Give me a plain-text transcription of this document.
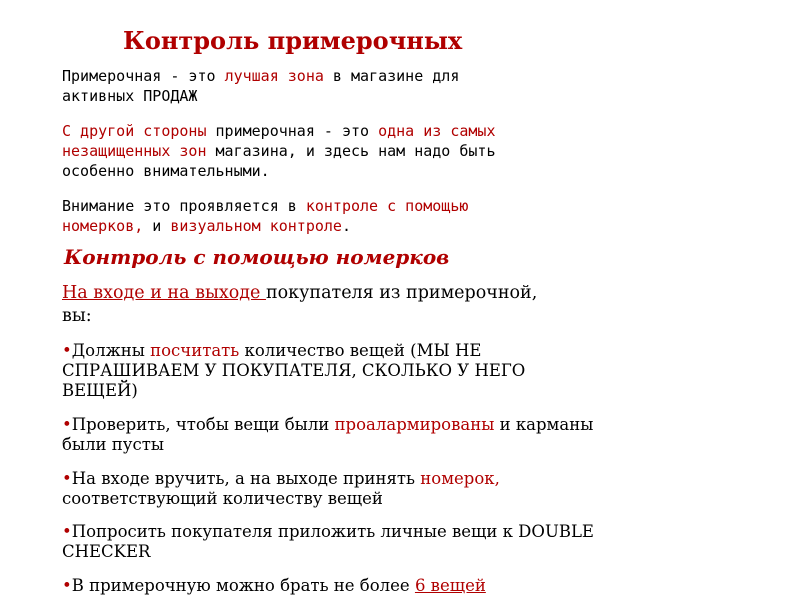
Контроль примерочных
Примерочная - это лучшая зона в магазине для
активных ПРОДАЖ
С другой стороны примерочная - это одна из самых
незащищенных зон магазина, и здесь нам надо быть
особенно внимательными.
Внимание это проявляется в контроле с помощью
номерков, и визуальном контроле.
Контроль с помощью номерков
На входе и на выходе покупателя из примерочной,
вы:
•Должны посчитать количество вещей (МЫ НЕ
СПРАШИВАЕМ У ПОКУПАТЕЛЯ, СКОЛЬКО У НЕГО
ВЕЩЕЙ)
•Проверить, чтобы вещи были проалармированы и карманы
были пусты
•На входе вручить, а на выходе принять номерок,
соответствующий количеству вещей
•Попросить покупателя приложить личные вещи к DOUBLE
CHECKER
•В примерочную можно брать не более 6 вещей
